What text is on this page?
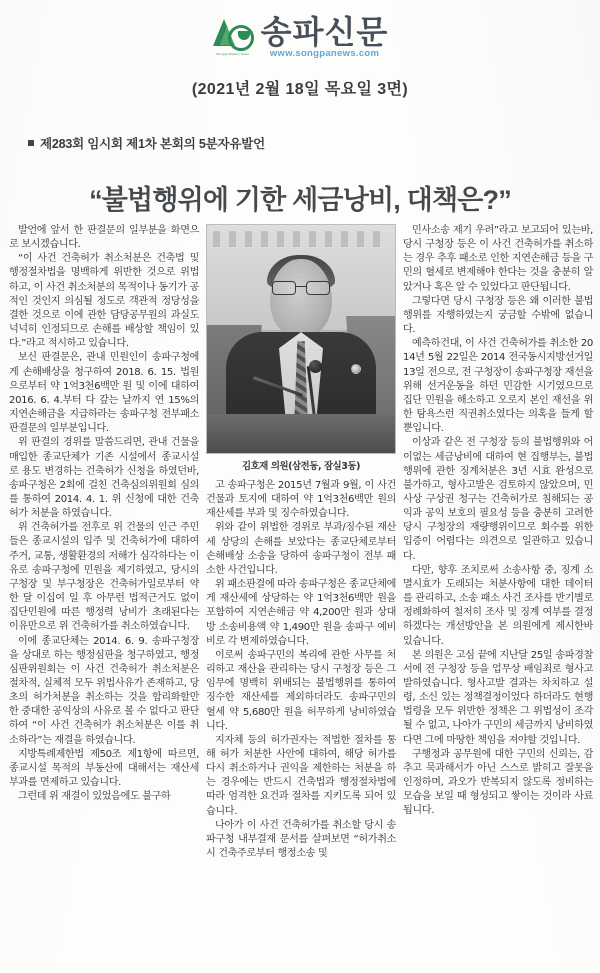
Songpa Weekly News
송파신문
www.songpanews.com
(2021년 2월 18일 목요일 3면)
제283회 임시회 제1차 본회의 5분자유발언
“불법행위에 기한 세금낭비, 대책은?”

발언에 앞서 한 판결문의 일부분을 화면으로 보시겠습니다.

“이 사건 건축허가 취소처분은 건축법 및 행정절차법을 명백하게 위반한 것으로 위법하고, 이 사건 취소처분의 목적이나 동기가 공적인 것인지 의심될 정도로 객관적 정당성을 결한 것으로 이에 관한 담당공무원의 과실도 넉넉히 인정되므로 손해를 배상할 책임이 있다.”라고 적시하고 있습니다.

보신 판결문은, 관내 민원인이 송파구청에게 손해배상을 청구하여 2018. 6. 15. 법원으로부터 약 1억3천6백만 원 및 이에 대하여 2016. 6. 4.부터 다 갚는 날까지 연 15%의 지연손해금을 지급하라는 송파구청 전부패소 판결문의 일부분입니다.

위 판결의 경위를 말씀드리면, 관내 건물을 매입한 종교단체가 기존 시설에서 종교시설로 용도 변경하는 건축허가 신청을 하였던바, 송파구청은 2회에 걸친 건축심의위원회 심의를 통하여 2014. 4. 1. 위 신청에 대한 건축허가 처분을 하였습니다.

위 건축허가를 전후로 위 건물의 인근 주민들은 종교시설의 입주 및 건축허가에 대하여 주거, 교통, 생활환경의 저해가 심각하다는 이유로 송파구청에 민원을 제기하였고, 당시의 구청장 및 부구청장은 건축허가일로부터 약 한 달 이십여 일 후 아무런 법적근거도 없이 집단민원에 따른 행정력 낭비가 초래된다는 이유만으로 위 건축허가를 취소하였습니다.

이에 종교단체는 2014. 6. 9. 송파구청장을 상대로 하는 행정심판을 청구하였고, 행정심판위원회는 이 사건 건축허가 취소처분은 절차적, 실체적 모두 위법사유가 존재하고, 당초의 허가처분을 취소하는 것을 합리화할만한 중대한 공익상의 사유로 볼 수 없다고 판단하여 “이 사건 건축허가 취소처분은 이를 취소하라”는 재결을 하였습니다.

지방특례제한법 제50조 제1항에 따르면, 종교시설 목적의 부동산에 대해서는 재산세 부과를 면제하고 있습니다.

그런데 위 재결이 있었음에도 불구하

김호재 의원(삼전동, 잠실3동)

고 송파구청은 2015년 7월과 9월, 이 사건 건물과 토지에 대하여 약 1억3천6백만 원의 재산세를 부과 및 징수하였습니다.

위와 같이 위법한 경위로 부과/징수된 재산세 상당의 손해를 보았다는 종교단체로부터 손해배상 소송을 당하여 송파구청이 전부 패소한 사건입니다.

위 패소판결에 따라 송파구청은 종교단체에게 재산세에 상당하는 약 1억3천6백만 원을 포함하여 지연손해금 약 4,200만 원과 상대방 소송비용액 약 1,490만 원을 송파구 예비비로 각 변제하였습니다.

이로써 송파구민의 복리에 관한 사무를 처리하고 재산을 관리하는 당시 구청장 등은 그 임무에 명백히 위배되는 불법행위를 통하여 징수한 재산세를 제외하더라도 송파구민의 혈세 약 5,680만 원을 허무하게 낭비하였습니다.

지자체 등의 허가권자는 적법한 절차를 통해 허가 처분한 사안에 대하여, 해당 허가를 다시 취소하거나 권익을 제한하는 처분을 하는 경우에는 반드시 건축법과 행정절차법에 따라 엄격한 요건과 절차를 지키도록 되어 있습니다.

나아가 이 사건 건축허가를 취소할 당시 송파구청 내부결재 문서를 살펴보면 “허가취소 시 건축주로부터 행정소송 및

민사소송 제기 우려”라고 보고되어 있는바, 당시 구청장 등은 이 사건 건축허가를 취소하는 경우 추후 패소로 인한 지연손해금 등을 구민의 혈세로 변제해야 한다는 것을 충분히 알았거나 혹은 알 수 있었다고 판단됩니다.

그렇다면 당시 구청장 등은 왜 이러한 불법행위를 자행하였는지 궁금할 수밖에 없습니다.

예측하건대, 이 사건 건축허가를 취소한 2014년 5월 22일은 2014 전국동시지방선거일 13일 전으로, 전 구청장이 송파구청장 재선을 위해 선거운동을 하던 민감한 시기였으므로 집단 민원을 해소하고 오로지 본인 재선을 위한 탐욕스런 직권취소였다는 의혹을 들게 할 뿐입니다.

이상과 같은 전 구청장 등의 불법행위와 어이없는 세금낭비에 대하여 현 집행부는, 불법행위에 관한 징계처분은 3년 시효 완성으로 불가하고, 형사고발은 검토하지 않았으며, 민사상 구상권 청구는 건축허가로 침해되는 공익과 공익 보호의 필요성 등을 충분히 고려한 당시 구청장의 재량행위이므로 회수를 위한 입증이 어렵다는 의견으로 일관하고 있습니다.

다만, 향후 조치로써 소송사항 중, 징계 소멸시효가 도래되는 처분사항에 대한 데이터를 관리하고, 소송 패소 사건 조사를 반기별로 정례화하여 철저히 조사 및 징계 여부를 결정하겠다는 개선방안을 본 의원에게 제시한바 있습니다.

본 의원은 고심 끝에 지난달 25일 송파경찰서에 전 구청장 등을 업무상 배임죄로 형사고발하였습니다. 형사고발 결과는 차치하고 설령, 소신 있는 정책결정이었다 하더라도 현행 법령을 모두 위반한 정책은 그 위법성이 조각될 수 없고, 나아가 구민의 세금까지 낭비하였다면 그에 마땅한 책임을 져야할 것입니다.

구행정과 공무원에 대한 구민의 신뢰는, 감추고 묵과해서가 아닌 스스로 밝히고 잘못을 인정하며, 과오가 반복되지 않도록 정비하는 모습을 보일 때 형성되고 쌓이는 것이라 사료됩니다.
